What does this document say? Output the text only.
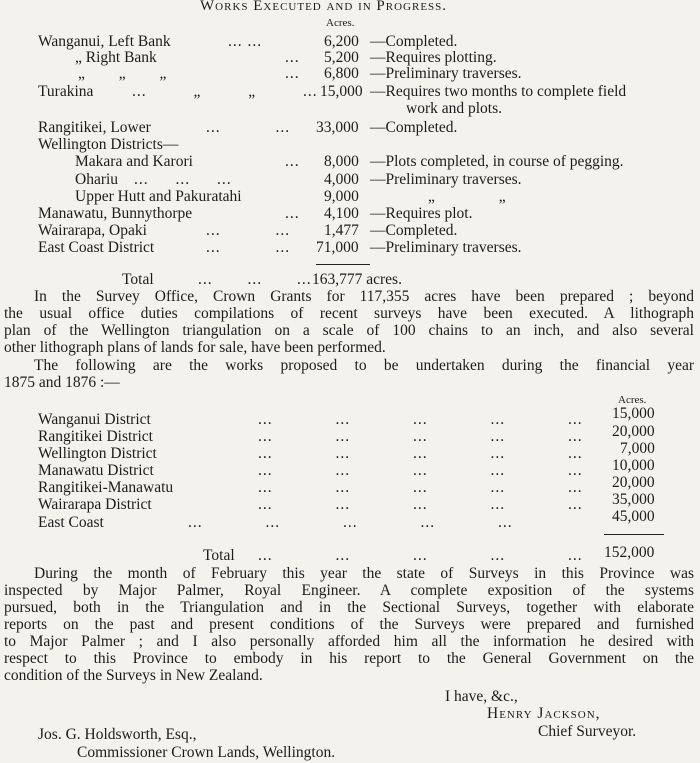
Works Executed and in Progress.
Acres.
Wanganui, Left Bank	... ...	6,200 —Completed.
„ Right Bank	... 5,200 —Requires plotting.
„ „ „	... 6,800 —Preliminary traverses.
Turakina ... „ „ ... 15,000 —Requires two months to complete field
work and plots.
Rangitikei, Lower	... ... 33,000 —Completed.
Wellington Districts—
Makara and Karori	... 8,000 —Plots completed, in course of pegging.
Ohariu ... ... ...	4,000 —Preliminary traverses.
Upper Hutt and Pakuratahi	9,000	„ „
Manawatu, Bunnythorpe	... 4,100 —Requires plot.
Wairarapa, Opaki	... ... 1,477 —Completed.
East Coast District	... ... 71,000 —Preliminary traverses.
Total	... ... ... 163,777 acres.
In the Survey Office, Crown Grants for 117,355 acres have been prepared ; beyond
the usual office duties compilations of recent surveys have been executed. A lithograph
plan of the Wellington triangulation on a scale of 100 chains to an inch, and also several
other lithograph plans of lands for sale, have been performed.
The following are the works proposed to be undertaken during the financial year
1875 and 1876 :—
Acres.
Wanganui District	... ... ... ... ... 15,000
Rangitikei District	... ... ... ... ... 20,000
Wellington District	... ... ... ... ... 7,000
Manawatu District	... ... ... ... ... 10,000
Rangitikei-Manawatu	... ... ... ... ... 20,000
Wairarapa District	... ... ... ... ... 35,000
East Coast	... ... ... ... ...	45,000
Total ... ... ... ... ... 152,000
During the month of February this year the state of Surveys in this Province was
inspected by Major Palmer, Royal Engineer. A complete exposition of the systems
pursued, both in the Triangulation and in the Sectional Surveys, together with elaborate
reports on the past and present conditions of the Surveys were prepared and furnished
to Major Palmer ; and I also personally afforded him all the information he desired with
respect to this Province to embody in his report to the General Government on the
condition of the Surveys in New Zealand.
I have, &c.,
Henry Jackson,
Chief Surveyor.
Jos. G. Holdsworth, Esq.,
Commissioner Crown Lands, Wellington.
